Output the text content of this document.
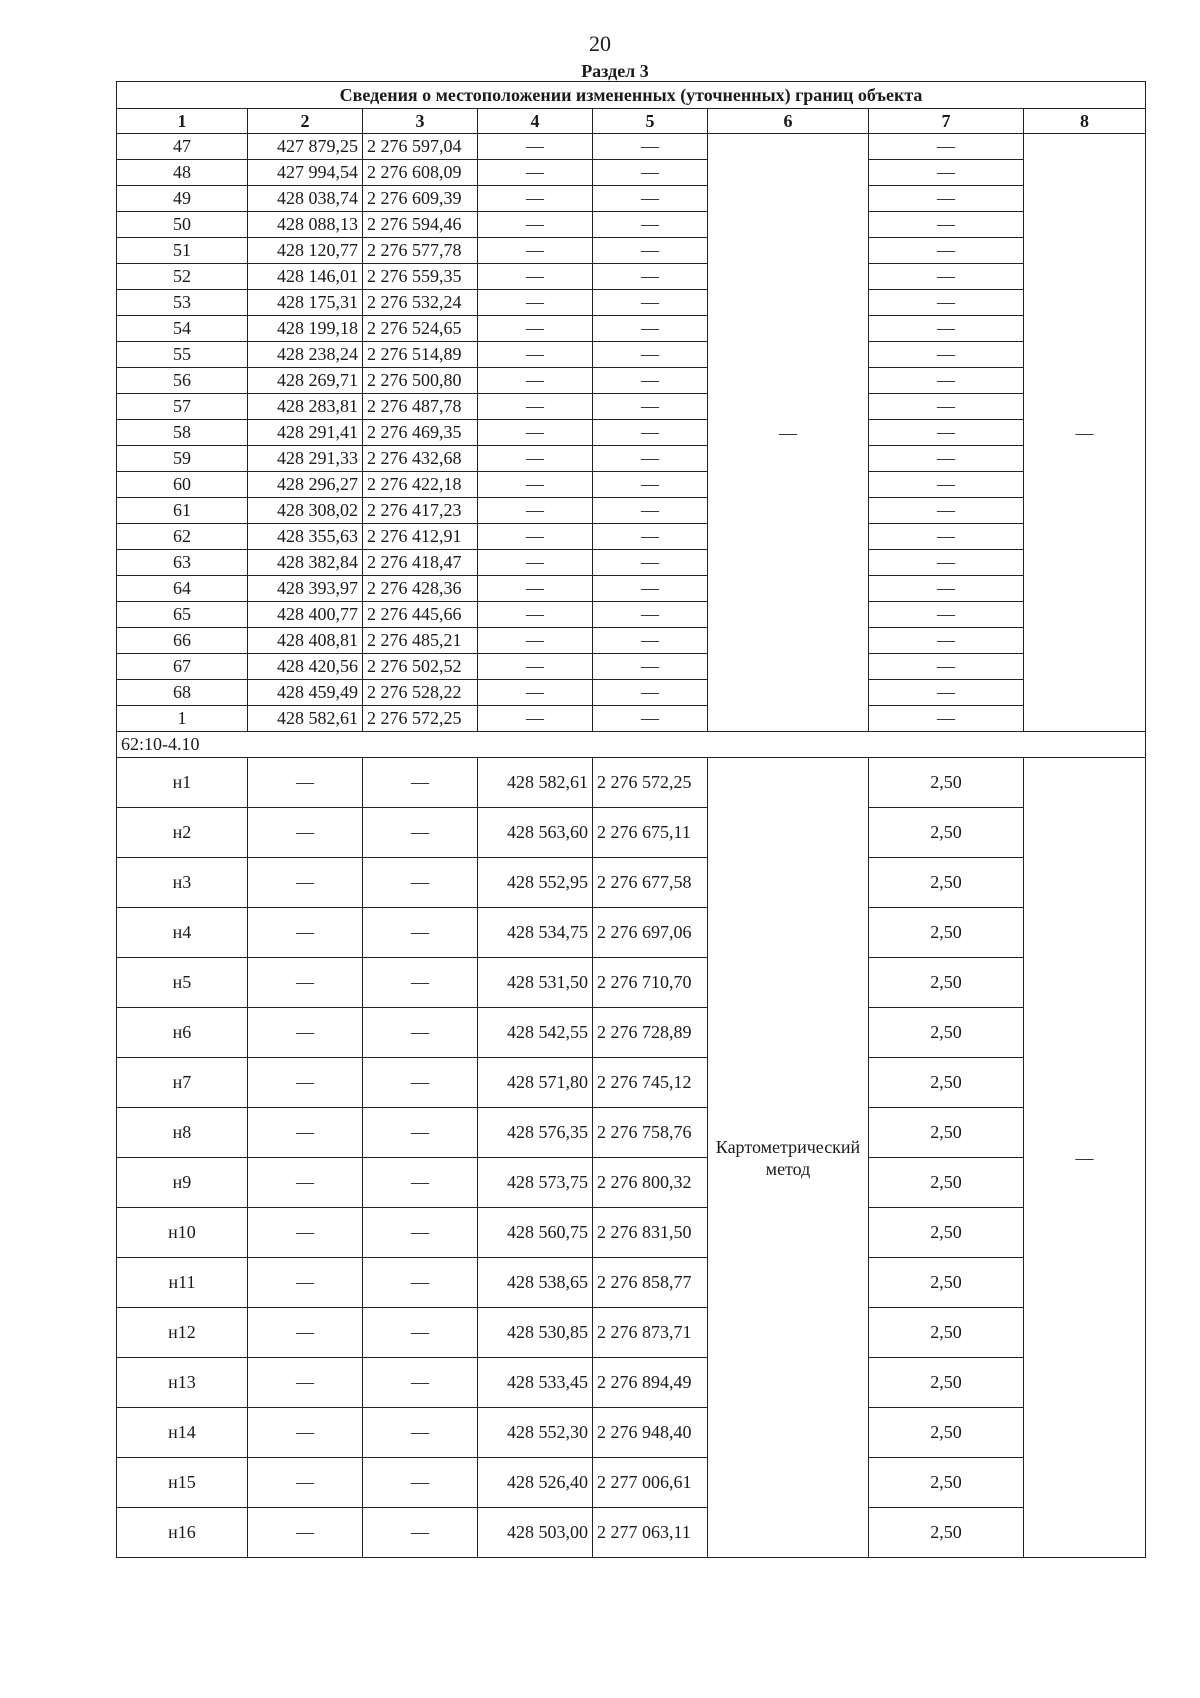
20
Раздел 3
Сведения о местоположении измененных (уточненных) границ объекта							
1	2	3	4	5	6	7	8
47	427 879,25	2 276 597,04	—	—	—	—	—
48	427 994,54	2 276 608,09	—	—		—	
49	428 038,74	2 276 609,39	—	—		—	
50	428 088,13	2 276 594,46	—	—		—	
51	428 120,77	2 276 577,78	—	—		—	
52	428 146,01	2 276 559,35	—	—		—	
53	428 175,31	2 276 532,24	—	—		—	
54	428 199,18	2 276 524,65	—	—		—	
55	428 238,24	2 276 514,89	—	—		—	
56	428 269,71	2 276 500,80	—	—		—	
57	428 283,81	2 276 487,78	—	—		—	
58	428 291,41	2 276 469,35	—	—		—	
59	428 291,33	2 276 432,68	—	—		—	
60	428 296,27	2 276 422,18	—	—		—	
61	428 308,02	2 276 417,23	—	—		—	
62	428 355,63	2 276 412,91	—	—		—	
63	428 382,84	2 276 418,47	—	—		—	
64	428 393,97	2 276 428,36	—	—		—	
65	428 400,77	2 276 445,66	—	—		—	
66	428 408,81	2 276 485,21	—	—		—	
67	428 420,56	2 276 502,52	—	—		—	
68	428 459,49	2 276 528,22	—	—		—	
1	428 582,61	2 276 572,25	—	—		—	
62:10-4.10							
н1	—	—	428 582,61	2 276 572,25	Картометрический метод	2,50	—
н2	—	—	428 563,60	2 276 675,11		2,50	
н3	—	—	428 552,95	2 276 677,58		2,50	
н4	—	—	428 534,75	2 276 697,06		2,50	
н5	—	—	428 531,50	2 276 710,70		2,50	
н6	—	—	428 542,55	2 276 728,89		2,50	
н7	—	—	428 571,80	2 276 745,12		2,50	
н8	—	—	428 576,35	2 276 758,76		2,50	
н9	—	—	428 573,75	2 276 800,32		2,50	
н10	—	—	428 560,75	2 276 831,50		2,50	
н11	—	—	428 538,65	2 276 858,77		2,50	
н12	—	—	428 530,85	2 276 873,71		2,50	
н13	—	—	428 533,45	2 276 894,49		2,50	
н14	—	—	428 552,30	2 276 948,40		2,50	
н15	—	—	428 526,40	2 277 006,61		2,50	
н16	—	—	428 503,00	2 277 063,11		2,50	
